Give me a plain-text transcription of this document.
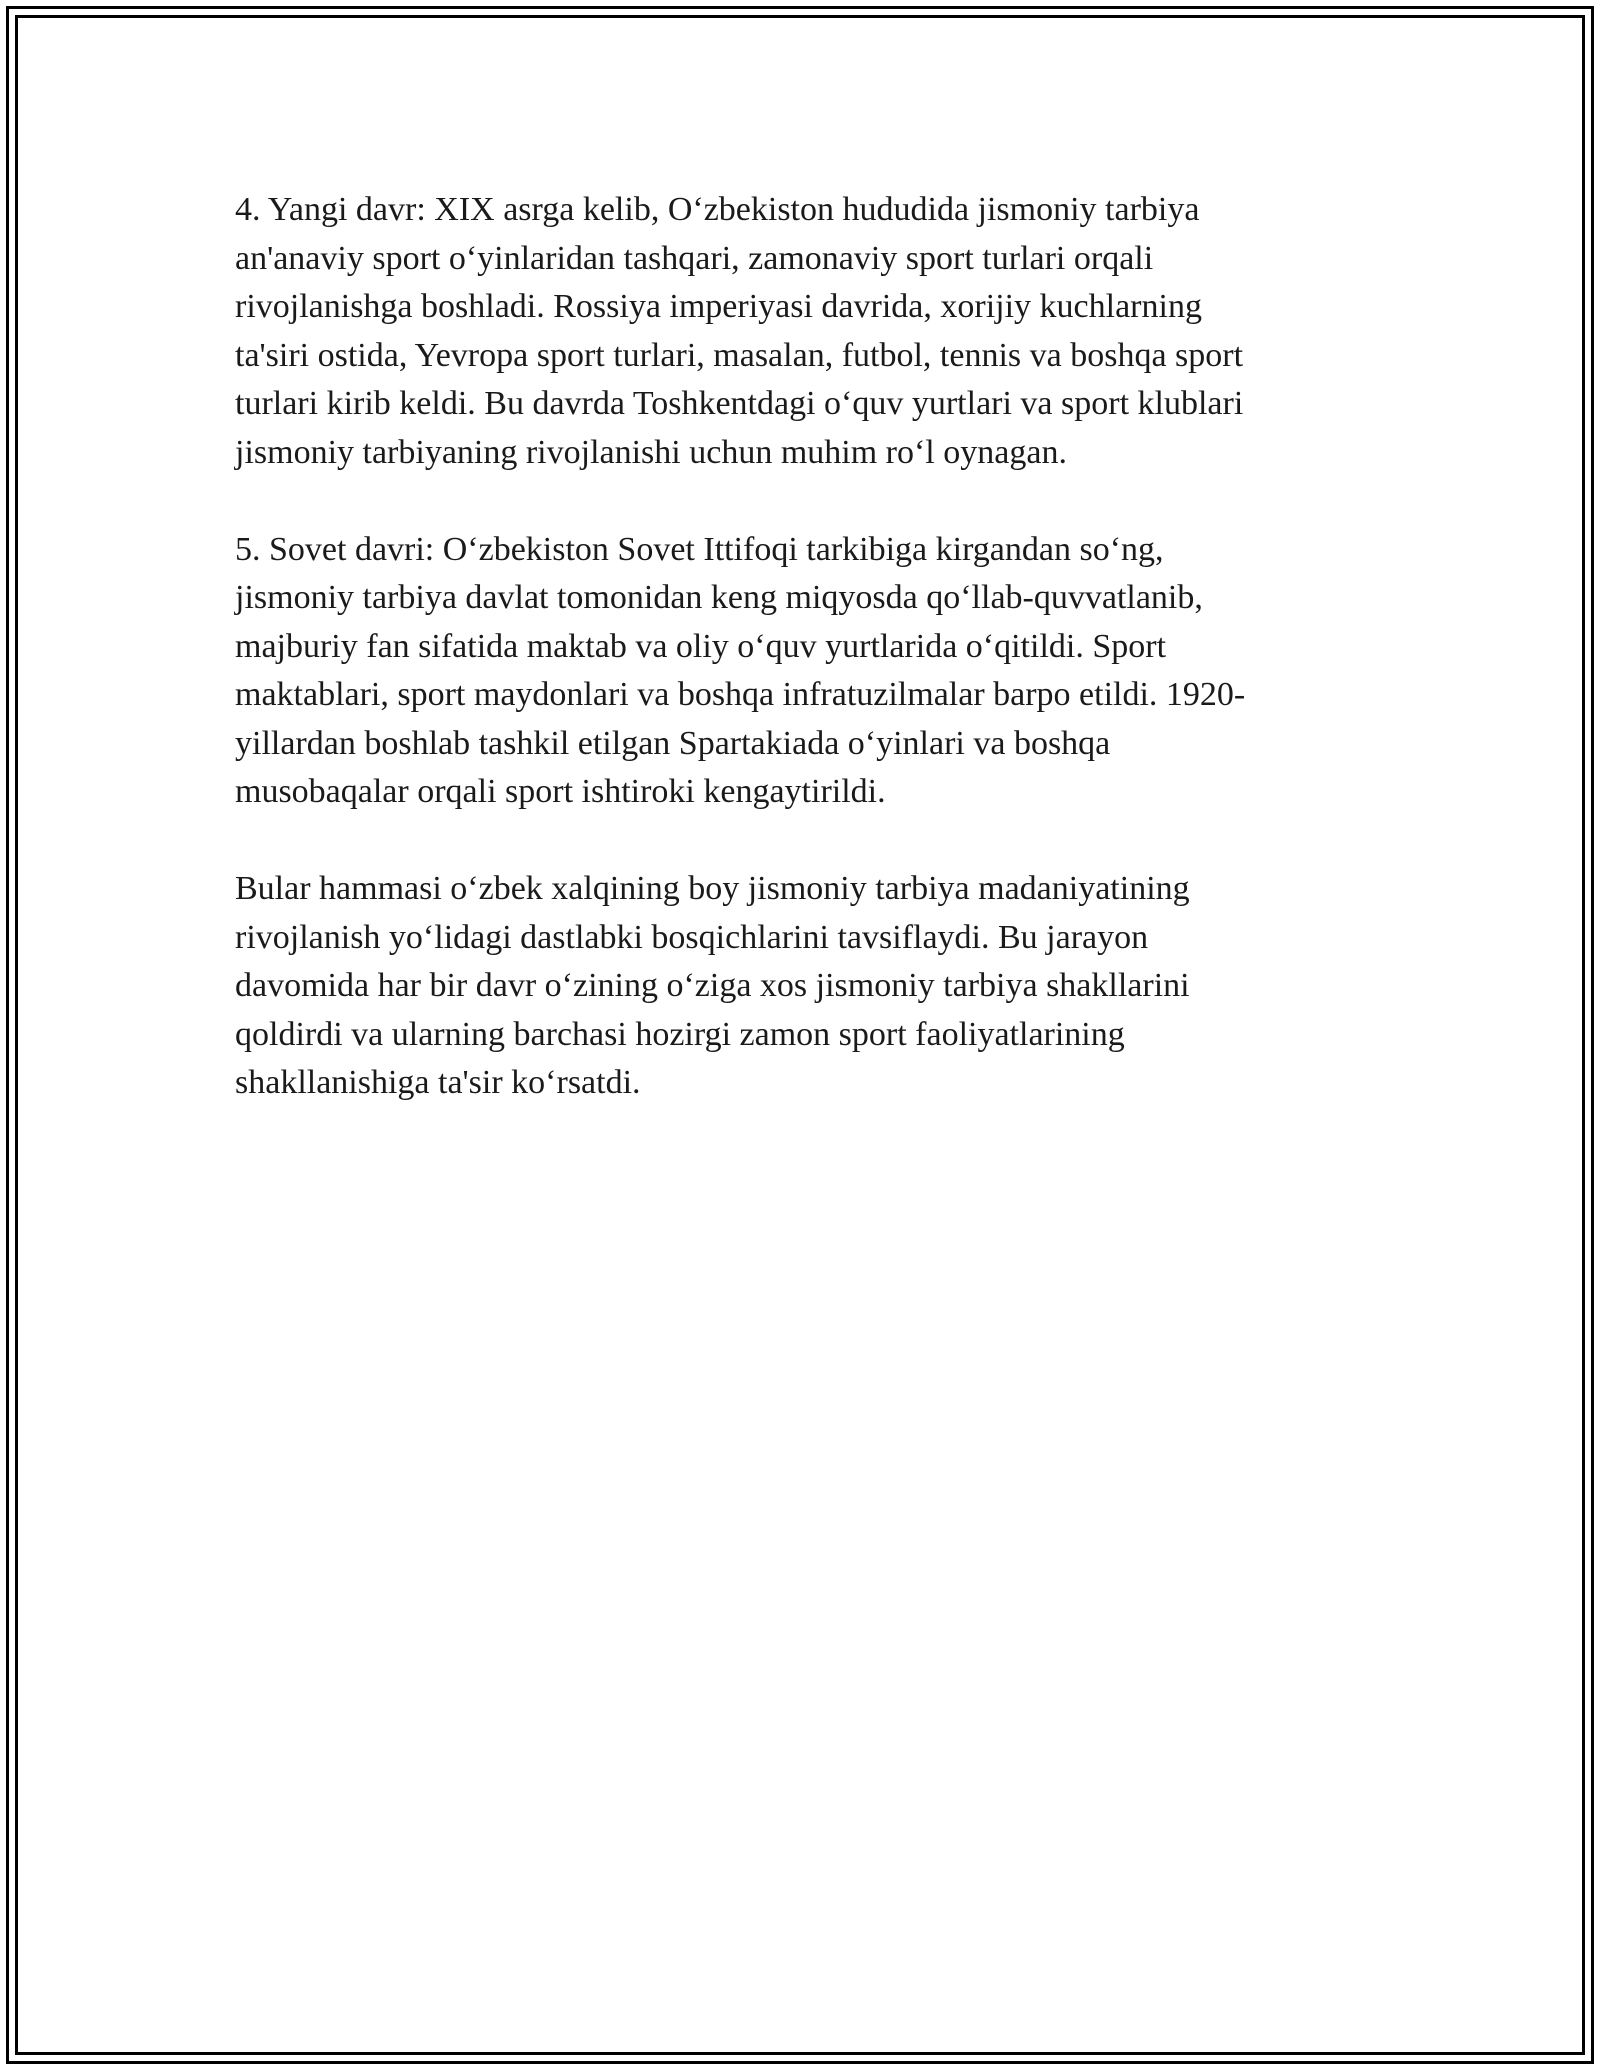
4. Yangi davr: XIX asrga kelib, O‘zbekiston hududida jismoniy tarbiya
an'anaviy sport o‘yinlaridan tashqari, zamonaviy sport turlari orqali
rivojlanishga boshladi. Rossiya imperiyasi davrida, xorijiy kuchlarning
ta'siri ostida, Yevropa sport turlari, masalan, futbol, tennis va boshqa sport
turlari kirib keldi. Bu davrda Toshkentdagi o‘quv yurtlari va sport klublari
jismoniy tarbiyaning rivojlanishi uchun muhim ro‘l oynagan.
5. Sovet davri: O‘zbekiston Sovet Ittifoqi tarkibiga kirgandan so‘ng,
jismoniy tarbiya davlat tomonidan keng miqyosda qo‘llab-quvvatlanib,
majburiy fan sifatida maktab va oliy o‘quv yurtlarida o‘qitildi. Sport
maktablari, sport maydonlari va boshqa infratuzilmalar barpo etildi. 1920-
yillardan boshlab tashkil etilgan Spartakiada o‘yinlari va boshqa
musobaqalar orqali sport ishtiroki kengaytirildi.
Bular hammasi o‘zbek xalqining boy jismoniy tarbiya madaniyatining
rivojlanish yo‘lidagi dastlabki bosqichlarini tavsiflaydi. Bu jarayon
davomida har bir davr o‘zining o‘ziga xos jismoniy tarbiya shakllarini
qoldirdi va ularning barchasi hozirgi zamon sport faoliyatlarining
shakllanishiga ta'sir ko‘rsatdi.
